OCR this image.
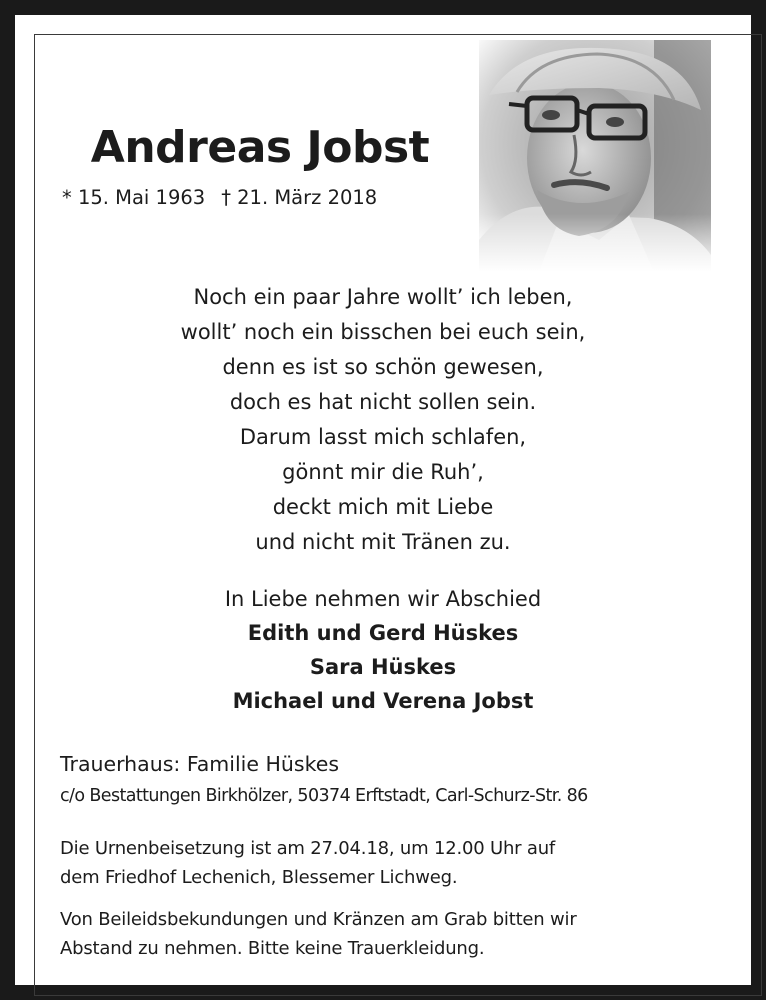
Andreas Jobst
* 15. Mai 1963 † 21. März 2018
Noch ein paar Jahre wollt’ ich leben,
wollt’ noch ein bisschen bei euch sein,
denn es ist so schön gewesen,
doch es hat nicht sollen sein.
Darum lasst mich schlafen,
gönnt mir die Ruh’,
deckt mich mit Liebe
und nicht mit Tränen zu.
In Liebe nehmen wir Abschied
Edith und Gerd Hüskes
Sara Hüskes
Michael und Verena Jobst
Trauerhaus: Familie Hüskes
c/o Bestattungen Birkhölzer, 50374 Erftstadt, Carl-Schurz-Str. 86
Die Urnenbeisetzung ist am 27.04.18, um 12.00 Uhr auf
dem Friedhof Lechenich, Blessemer Lichweg.
Von Beileidsbekundungen und Kränzen am Grab bitten wir
Abstand zu nehmen. Bitte keine Trauerkleidung.
